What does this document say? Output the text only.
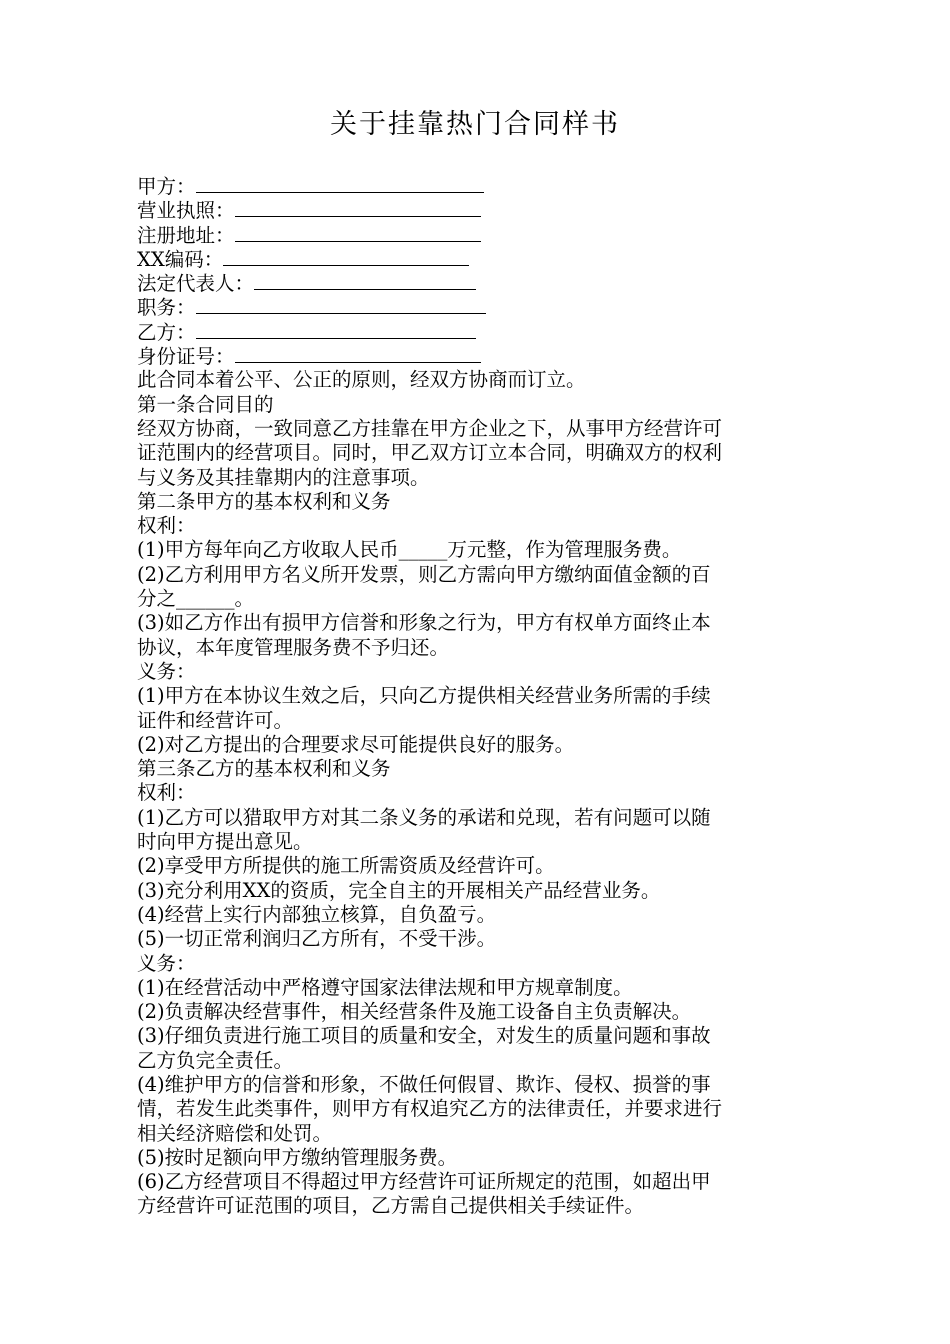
关于挂靠热门合同样书
甲方：
营业执照：
注册地址：
XX编码：
法定代表人：
职务：
乙方：
身份证号：
此合同本着公平、公正的原则，经双方协商而订立。
第一条合同目的
经双方协商，一致同意乙方挂靠在甲方企业之下，从事甲方经营许可
证范围内的经营项目。同时，甲乙双方订立本合同，明确双方的权利
与义务及其挂靠期内的注意事项。
第二条甲方的基本权利和义务
权利：
(1)甲方每年向乙方收取人民币_____万元整，作为管理服务费。
(2)乙方利用甲方名义所开发票，则乙方需向甲方缴纳面值金额的百
分之______。
(3)如乙方作出有损甲方信誉和形象之行为，甲方有权单方面终止本
协议，本年度管理服务费不予归还。
义务：
(1)甲方在本协议生效之后，只向乙方提供相关经营业务所需的手续
证件和经营许可。
(2)对乙方提出的合理要求尽可能提供良好的服务。
第三条乙方的基本权利和义务
权利：
(1)乙方可以猎取甲方对其二条义务的承诺和兑现，若有问题可以随
时向甲方提出意见。
(2)享受甲方所提供的施工所需资质及经营许可。
(3)充分利用XX的资质，完全自主的开展相关产品经营业务。
(4)经营上实行内部独立核算，自负盈亏。
(5)一切正常利润归乙方所有，不受干涉。
义务：
(1)在经营活动中严格遵守国家法律法规和甲方规章制度。
(2)负责解决经营事件，相关经营条件及施工设备自主负责解决。
(3)仔细负责进行施工项目的质量和安全，对发生的质量问题和事故
乙方负完全责任。
(4)维护甲方的信誉和形象，不做任何假冒、欺诈、侵权、损誉的事
情，若发生此类事件，则甲方有权追究乙方的法律责任，并要求进行
相关经济赔偿和处罚。
(5)按时足额向甲方缴纳管理服务费。
(6)乙方经营项目不得超过甲方经营许可证所规定的范围，如超出甲
方经营许可证范围的项目，乙方需自己提供相关手续证件。
